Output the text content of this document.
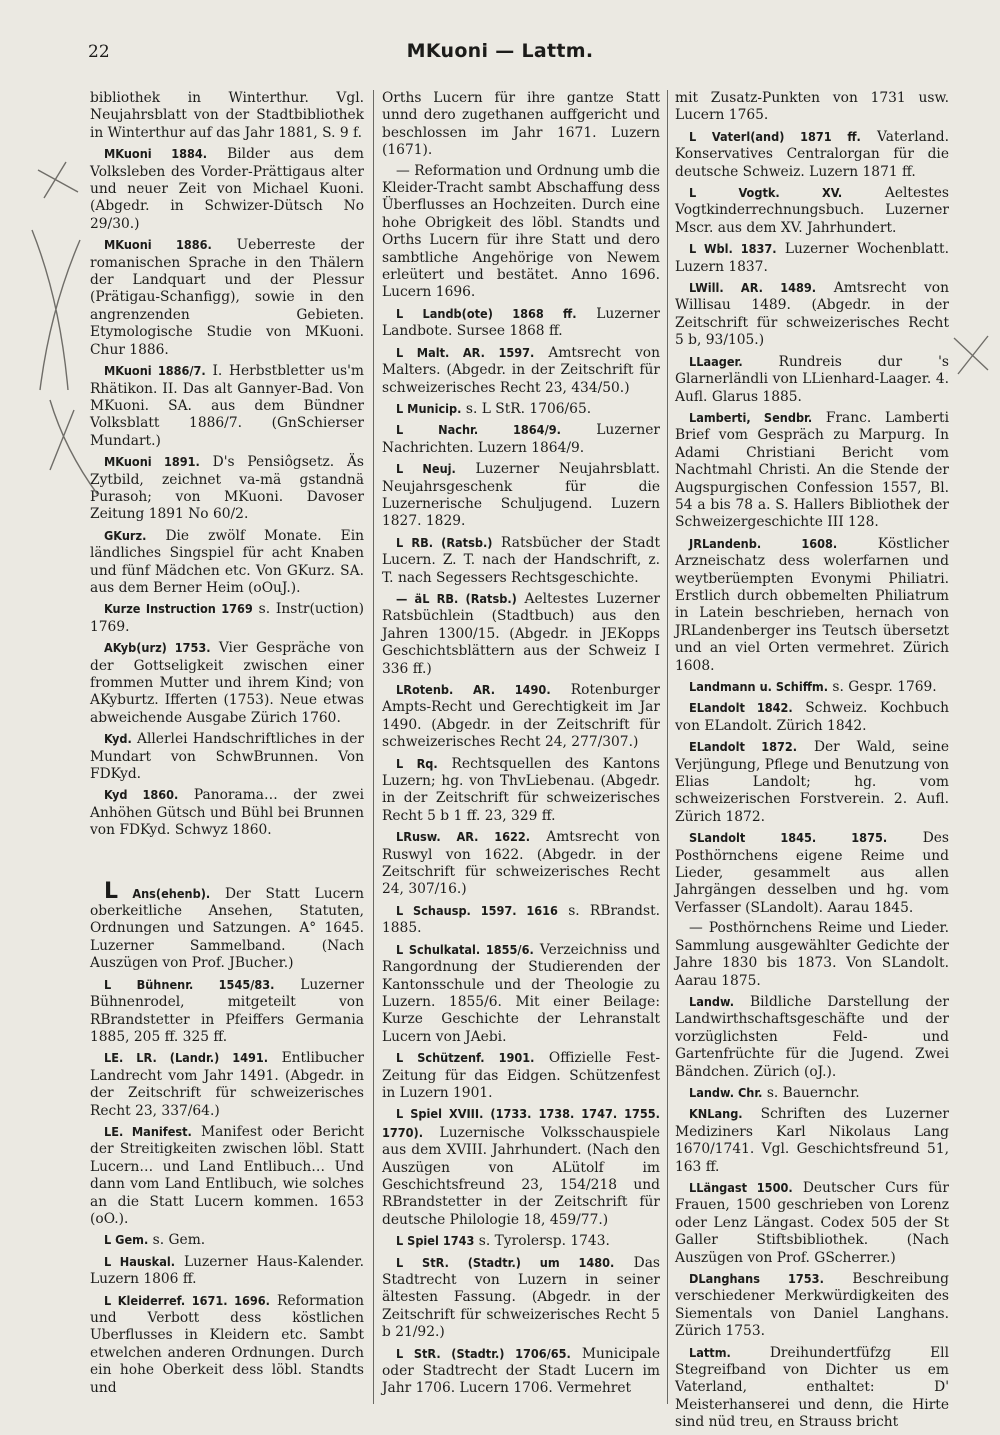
22	MKuoni — Lattm.

bibliothek in Winterthur. Vgl. Neujahrsblatt von der Stadtbibliothek in Winterthur auf das Jahr 1881, S. 9 f.

MKuoni 1884. Bilder aus dem Volksleben des Vorder-Prättigaus alter und neuer Zeit von Michael Kuoni. (Abgedr. in Schwizer-Dütsch No 29/30.)

MKuoni 1886. Ueberreste der romanischen Sprache in den Thälern der Landquart und der Plessur (Prätigau-Schanfigg), sowie in den angrenzenden Gebieten. Etymologische Studie von MKuoni. Chur 1886.

MKuoni 1886/7. I. Herbstbletter us'm Rhätikon. II. Das alt Gannyer-Bad. Von MKuoni. SA. aus dem Bündner Volksblatt 1886/7. (GnSchierser Mundart.)

MKuoni 1891. D's Pensiôgsetz. Äs Zytbild, zeichnet va-mä gstandnä Purasoh; von MKuoni. Davoser Zeitung 1891 No 60/2.

GKurz. Die zwölf Monate. Ein ländliches Singspiel für acht Knaben und fünf Mädchen etc. Von GKurz. SA. aus dem Berner Heim (oOuJ.).

Kurze Instruction 1769 s. Instr(uction) 1769.

AKyb(urz) 1753. Vier Gespräche von der Gottseligkeit zwischen einer frommen Mutter und ihrem Kind; von AKyburtz. Ifferten (1753). Neue etwas abweichende Ausgabe Zürich 1760.

Kyd. Allerlei Handschriftliches in der Mundart von SchwBrunnen. Von FDKyd.

Kyd 1860. Panorama… der zwei Anhöhen Gütsch und Bühl bei Brunnen von FDKyd. Schwyz 1860.

L Ans(ehenb). Der Statt Lucern oberkeitliche Ansehen, Statuten, Ordnungen und Satzungen. A° 1645. Luzerner Sammelband. (Nach Auszügen von Prof. JBucher.)

L Bühnenr. 1545/83. Luzerner Bühnenrodel, mitgeteilt von RBrandstetter in Pfeiffers Germania 1885, 205 ff. 325 ff.

LE. LR. (Landr.) 1491. Entlibucher Landrecht vom Jahr 1491. (Abgedr. in der Zeitschrift für schweizerisches Recht 23, 337/64.)

LE. Manifest. Manifest oder Bericht der Streitigkeiten zwischen löbl. Statt Lucern… und Land Entlibuch… Und dann vom Land Entlibuch, wie solches an die Statt Lucern kommen. 1653 (oO.).

L Gem. s. Gem.

L Hauskal. Luzerner Haus-Kalender. Luzern 1806 ff.

L Kleiderref. 1671. 1696. Reformation und Verbott dess köstlichen Uberflusses in Kleidern etc. Sambt etwelchen anderen Ordnungen. Durch ein hohe Oberkeit dess löbl. Standts und

Orths Lucern für ihre gantze Statt unnd dero zugethanen auffgericht und beschlossen im Jahr 1671. Luzern (1671).

— Reformation und Ordnung umb die Kleider-Tracht sambt Abschaffung dess Überflusses an Hochzeiten. Durch eine hohe Obrigkeit des löbl. Standts und Orths Lucern für ihre Statt und dero sambtliche Angehörige von Newem erleütert und bestätet. Anno 1696. Lucern 1696.

L Landb(ote) 1868 ff. Luzerner Landbote. Sursee 1868 ff.

L Malt. AR. 1597. Amtsrecht von Malters. (Abgedr. in der Zeitschrift für schweizerisches Recht 23, 434/50.)

L Municip. s. L StR. 1706/65.

L Nachr. 1864/9.	Luzerner Nachrichten. Luzern 1864/9.

L Neuj. Luzerner Neujahrsblatt. Neujahrsgeschenk für die Luzernerische Schuljugend. Luzern 1827. 1829.

L RB. (Ratsb.) Ratsbücher der Stadt Lucern. Z. T. nach der Handschrift, z. T. nach Segessers Rechtsgeschichte.

— äL RB. (Ratsb.) Aeltestes Luzerner Ratsbüchlein (Stadtbuch) aus den Jahren 1300/15. (Abgedr. in JEKopps Geschichtsblättern aus der Schweiz I 336 ff.)

LRotenb. AR. 1490. Rotenburger Ampts-Recht und Gerechtigkeit im Jar 1490. (Abgedr. in der Zeitschrift für schweizerisches Recht 24, 277/307.)

L Rq. Rechtsquellen des Kantons Luzern; hg. von ThvLiebenau. (Abgedr. in der Zeitschrift für schweizerisches Recht 5 b 1 ff. 23, 329 ff.

LRusw. AR. 1622. Amtsrecht von Ruswyl von 1622. (Abgedr. in der Zeitschrift für schweizerisches Recht 24, 307/16.)

L Schausp. 1597. 1616 s. RBrandst. 1885.

L Schulkatal. 1855/6. Verzeichniss und Rangordnung der Studierenden der Kantonsschule und der Theologie zu Luzern. 1855/6. Mit einer Beilage: Kurze Geschichte der Lehranstalt Lucern von JAebi.

L Schützenf. 1901. Offizielle Fest-Zeitung für das Eidgen. Schützenfest in Luzern 1901.

L Spiel XVIII. (1733. 1738. 1747. 1755. 1770). Luzernische Volksschauspiele aus dem XVIII. Jahrhundert. (Nach den Auszügen von ALütolf im Geschichtsfreund 23, 154/218 und RBrandstetter in der Zeitschrift für deutsche Philologie 18, 459/77.)

L Spiel 1743 s. Tyrolersp. 1743.

L StR. (Stadtr.) um 1480. Das Stadtrecht von Luzern in seiner ältesten Fassung. (Abgedr. in der Zeitschrift für schweizerisches Recht 5 b 21/92.)

L StR. (Stadtr.) 1706/65. Municipale oder Stadtrecht der Stadt Lucern im Jahr 1706. Lucern 1706. Vermehret

mit Zusatz-Punkten von 1731 usw. Lucern 1765.

L Vaterl(and) 1871 ff. Vaterland. Konservatives Centralorgan für die deutsche Schweiz. Luzern 1871 ff.

L Vogtk. XV.	Aeltestes Vogtkinderrechnungsbuch. Luzerner Mscr. aus dem XV. Jahrhundert.

L Wbl. 1837. Luzerner Wochenblatt. Luzern 1837.

LWill. AR. 1489. Amtsrecht von Willisau 1489. (Abgedr. in der Zeitschrift für schweizerisches Recht 5 b, 93/105.)

LLaager.	Rundreis dur 's Glarnerländli von LLienhard-Laager. 4. Aufl. Glarus 1885.

Lamberti, Sendbr. Franc. Lamberti Brief vom Gespräch zu Marpurg. In Adami Christiani Bericht vom Nachtmahl Christi. An die Stende der Augspurgischen Confession 1557, Bl. 54 a bis 78 a. S. Hallers Bibliothek der Schweizergeschichte III 128.

JRLandenb. 1608.	Köstlicher Arzneischatz dess wolerfarnen und weytberüempten Evonymi Philiatri. Erstlich durch obbemelten Philiatrum in Latein beschrieben, hernach von JRLandenberger ins Teutsch übersetzt und an viel Orten vermehret. Zürich 1608.

Landmann u. Schiffm. s. Gespr. 1769.

ELandolt 1842. Schweiz. Kochbuch von ELandolt. Zürich 1842.

ELandolt 1872. Der Wald, seine Verjüngung, Pflege und Benutzung von Elias Landolt; hg. vom schweizerischen Forstverein. 2. Aufl. Zürich 1872.

SLandolt 1845. 1875.	Des Posthörnchens eigene Reime und Lieder, gesammelt aus allen Jahrgängen desselben und hg. vom Verfasser (SLandolt). Aarau 1845.

— Posthörnchens Reime und Lieder. Sammlung ausgewählter Gedichte der Jahre 1830 bis 1873. Von SLandolt. Aarau 1875.

Landw. Bildliche Darstellung der Landwirthschaftsgeschäfte und der vorzüglichsten Feld- und Gartenfrüchte für die Jugend. Zwei Bändchen. Zürich (oJ.).

Landw. Chr. s. Bauernchr.

KNLang. Schriften des Luzerner Mediziners Karl Nikolaus Lang 1670/1741. Vgl. Geschichtsfreund 51, 163 ff.

LLängast 1500. Deutscher Curs für Frauen, 1500 geschrieben von Lorenz oder Lenz Längast. Codex 505 der St Galler Stiftsbibliothek. (Nach Auszügen von Prof. GScherrer.)

DLanghans 1753. Beschreibung verschiedener Merkwürdigkeiten des Siementals von Daniel Langhans. Zürich 1753.

Lattm.	Dreihundertfüfzg Ell Stegreifband von Dichter us em Vaterland, enthaltet: D' Meisterhanserei und denn, die Hirte sind nüd treu, en Strauss bricht
